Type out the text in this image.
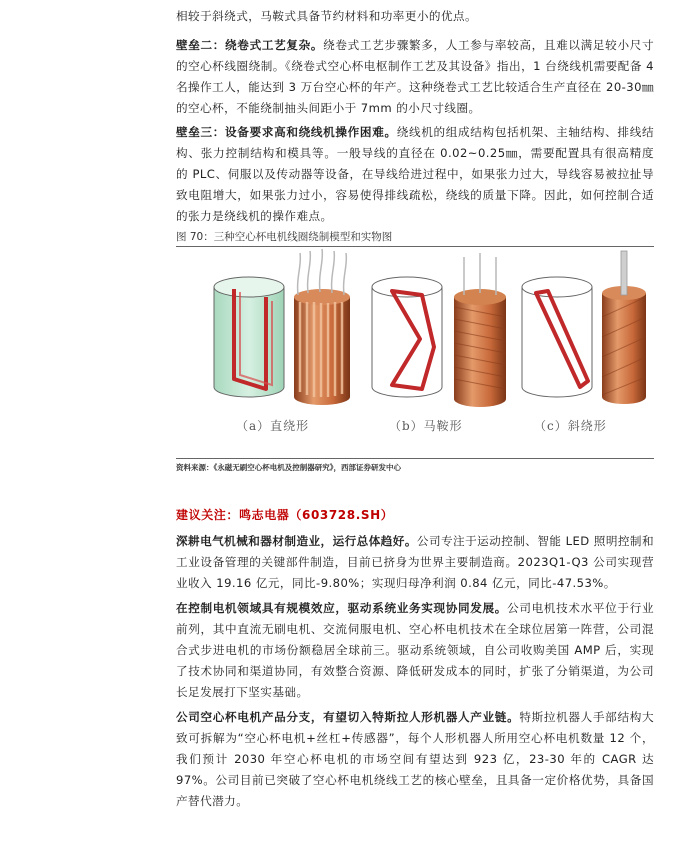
相较于斜绕式，马鞍式具备节约材料和功率更小的优点。

壁垒二：绕卷式工艺复杂。绕卷式工艺步骤繁多，人工参与率较高，且难以满足较小尺寸的空心杯线圈绕制。《绕卷式空心杯电枢制作工艺及其设备》指出，1 台绕线机需要配备 4 名操作工人，能达到 3 万台空心杯的年产。这种绕卷式工艺比较适合生产直径在 20-30㎜ 的空心杯，不能绕制抽头间距小于 7mm 的小尺寸线圈。

壁垒三：设备要求高和绕线机操作困难。绕线机的组成结构包括机架、主轴结构、排线结构、张力控制结构和模具等。一般导线的直径在 0.02~0.25㎜，需要配置具有很高精度的 PLC、伺服以及传动器等设备，在导线给进过程中，如果张力过大，导线容易被拉扯导致电阻增大，如果张力过小，容易使得排线疏松，绕线的质量下降。因此，如何控制合适的张力是绕线机的操作难点。

图 70：三种空心杯电机线圈绕制模型和实物图

（a）直绕形	（b）马鞍形	（c）斜绕形

资料来源：《永磁无刷空心杯电机及控制器研究》，西部证券研发中心

建议关注：鸣志电器（603728.SH）

深耕电气机械和器材制造业，运行总体趋好。公司专注于运动控制、智能 LED 照明控制和工业设备管理的关键部件制造，目前已挤身为世界主要制造商。2023Q1-Q3 公司实现营业收入 19.16 亿元，同比-9.80%；实现归母净利润 0.84 亿元，同比-47.53%。

在控制电机领域具有规模效应，驱动系统业务实现协同发展。公司电机技术水平位于行业前列，其中直流无刷电机、交流伺服电机、空心杯电机技术在全球位居第一阵营，公司混合式步进电机的市场份额稳居全球前三。驱动系统领域，自公司收购美国 AMP 后，实现了技术协同和渠道协同，有效整合资源、降低研发成本的同时，扩张了分销渠道，为公司长足发展打下坚实基础。

公司空心杯电机产品分支，有望切入特斯拉人形机器人产业链。特斯拉机器人手部结构大致可拆解为“空心杯电机+丝杠+传感器”，每个人形机器人所用空心杯电机数量 12 个，我们预计 2030 年空心杯电机的市场空间有望达到 923 亿，23-30 年的 CAGR 达 97%。公司目前已突破了空心杯电机绕线工艺的核心壁垒，且具备一定价格优势，具备国产替代潜力。
